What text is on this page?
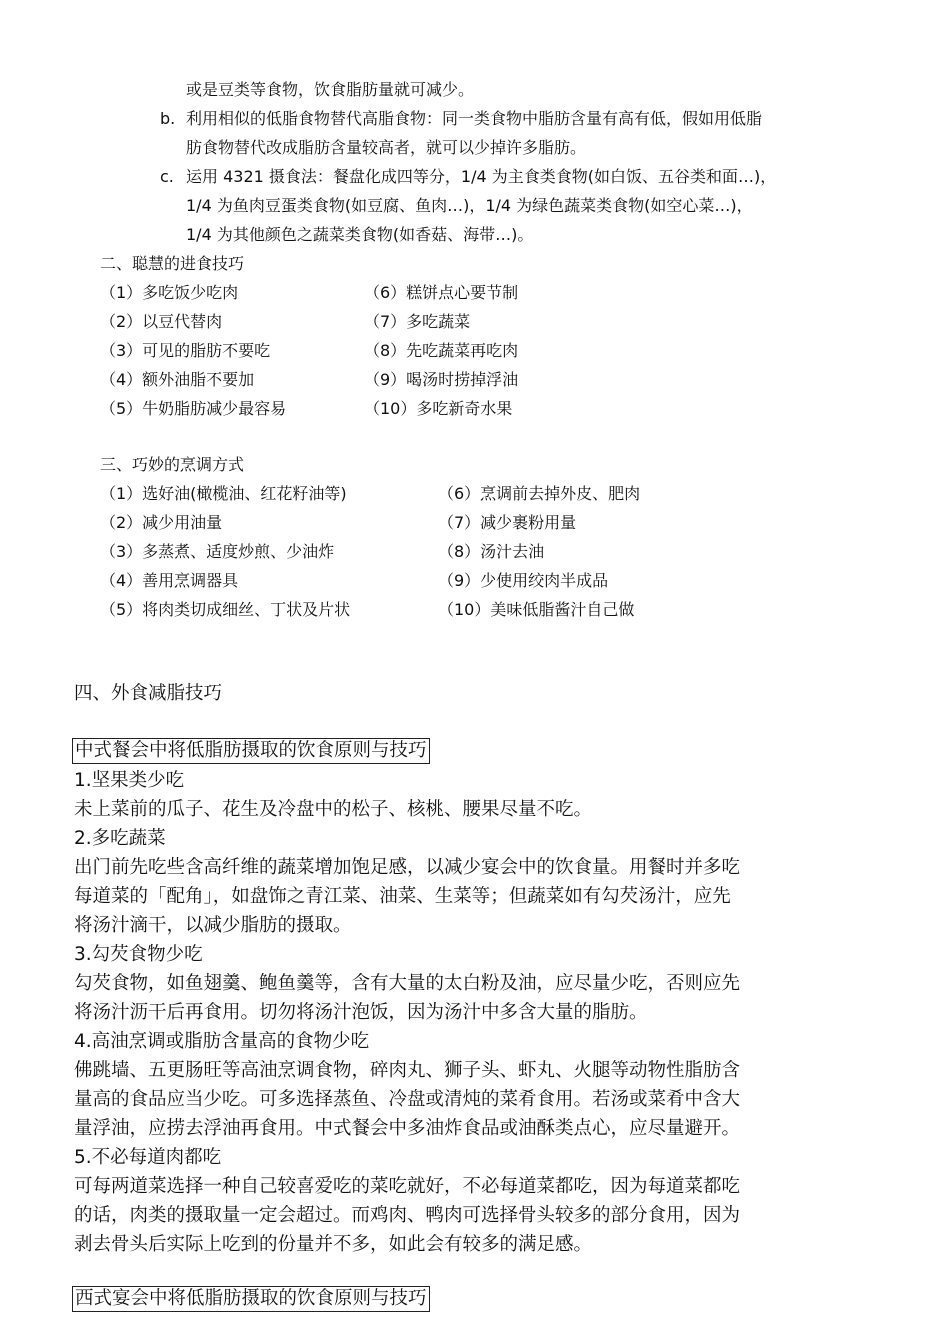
或是豆类等食物，饮食脂肪量就可减少。
b. 利用相似的低脂食物替代高脂食物：同一类食物中脂肪含量有高有低，假如用低脂
肪食物替代改成脂肪含量较高者，就可以少掉许多脂肪。
c. 运用 4321 摄食法：餐盘化成四等分，1/4 为主食类食物(如白饭、五谷类和面…)，
1/4 为鱼肉豆蛋类食物(如豆腐、鱼肉…)，1/4 为绿色蔬菜类食物(如空心菜…)，
1/4 为其他颜色之蔬菜类食物(如香菇、海带…)。
二、聪慧的进食技巧
（1）多吃饭少吃肉
（2）以豆代替肉
（3）可见的脂肪不要吃
（4）额外油脂不要加
（5）牛奶脂肪减少最容易
（6）糕饼点心要节制
（7）多吃蔬菜
（8）先吃蔬菜再吃肉
（9）喝汤时捞掉浮油
（10）多吃新奇水果
三、巧妙的烹调方式
（1）选好油(橄榄油、红花籽油等)
（2）减少用油量
（3）多蒸煮、适度炒煎、少油炸
（4）善用烹调器具
（5）将肉类切成细丝、丁状及片状
（6）烹调前去掉外皮、肥肉
（7）减少裹粉用量
（8）汤汁去油
（9）少使用绞肉半成品
（10）美味低脂酱汁自己做
四、外食减脂技巧
中式餐会中将低脂肪摄取的饮食原则与技巧
1.坚果类少吃
未上菜前的瓜子、花生及冷盘中的松子、核桃、腰果尽量不吃。
2.多吃蔬菜
出门前先吃些含高纤维的蔬菜增加饱足感，以减少宴会中的饮食量。用餐时并多吃
每道菜的「配角」，如盘饰之青江菜、油菜、生菜等；但蔬菜如有勾芡汤汁，应先
将汤汁滴干，以减少脂肪的摄取。
3.勾芡食物少吃
勾芡食物，如鱼翅羹、鲍鱼羹等，含有大量的太白粉及油，应尽量少吃，否则应先
将汤汁沥干后再食用。切勿将汤汁泡饭，因为汤汁中多含大量的脂肪。
4.高油烹调或脂肪含量高的食物少吃
佛跳墙、五更肠旺等高油烹调食物，碎肉丸、狮子头、虾丸、火腿等动物性脂肪含
量高的食品应当少吃。可多选择蒸鱼、冷盘或清炖的菜肴食用。若汤或菜肴中含大
量浮油，应捞去浮油再食用。中式餐会中多油炸食品或油酥类点心，应尽量避开。
5.不必每道肉都吃
可每两道菜选择一种自己较喜爱吃的菜吃就好，不必每道菜都吃，因为每道菜都吃
的话，肉类的摄取量一定会超过。而鸡肉、鸭肉可选择骨头较多的部分食用，因为
剥去骨头后实际上吃到的份量并不多，如此会有较多的满足感。
西式宴会中将低脂肪摄取的饮食原则与技巧
